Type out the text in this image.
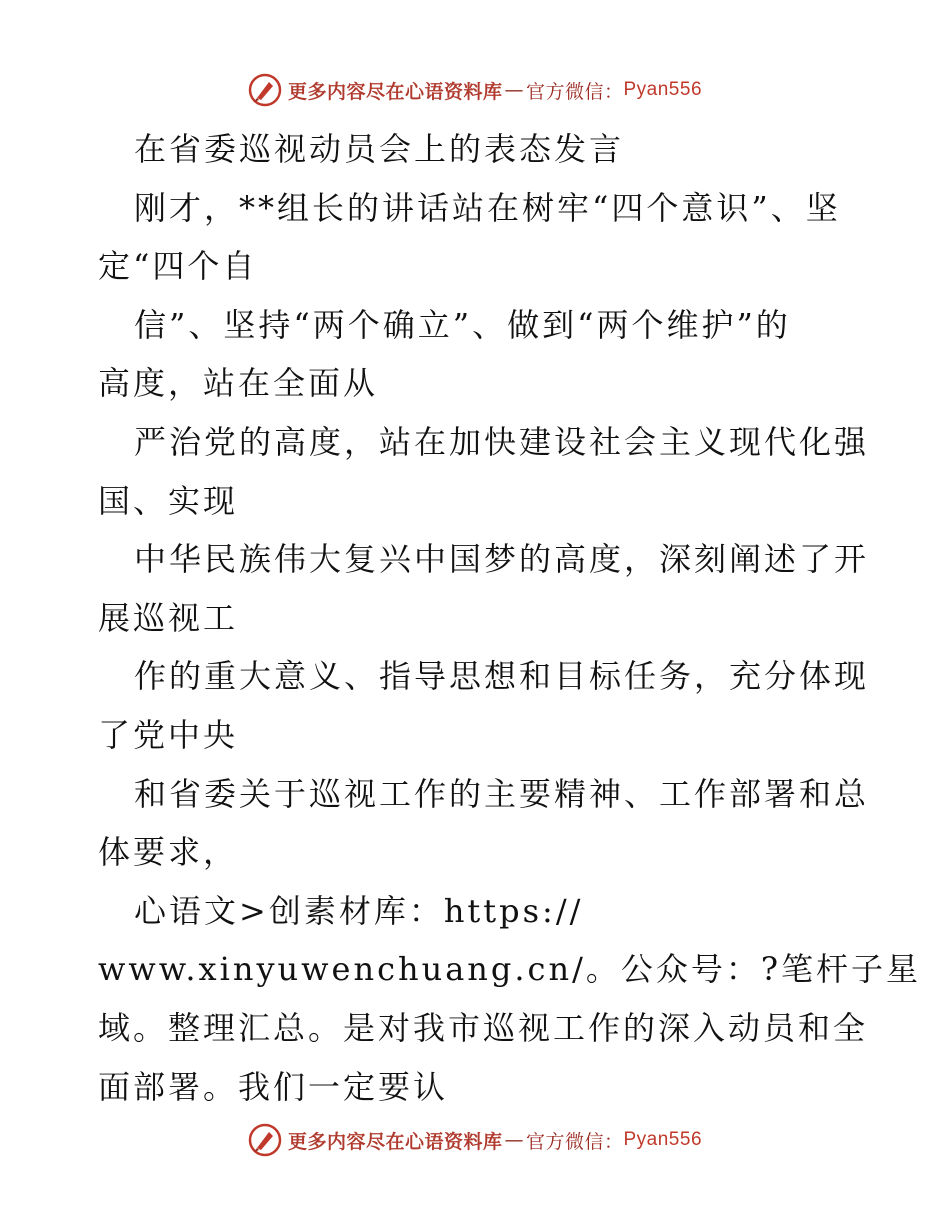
更多内容尽在心语资料库 — 官方微信： Pyan556
在省委巡视动员会上的表态发言
刚才，**组长的讲话站在树牢“四个意识”、坚
定“四个自
信”、坚持“两个确立”、做到“两个维护”的
高度，站在全面从
严治党的高度，站在加快建设社会主义现代化强
国、实现
中华民族伟大复兴中国梦的高度，深刻阐述了开
展巡视工
作的重大意义、指导思想和目标任务，充分体现
了党中央
和省委关于巡视工作的主要精神、工作部署和总
体要求，
心语文>创素材库：https://
www.xinyuwenchuang.cn/。公众号：?笔杆子星
域。整理汇总。是对我市巡视工作的深入动员和全
面部署。我们一定要认
更多内容尽在心语资料库 — 官方微信： Pyan556
